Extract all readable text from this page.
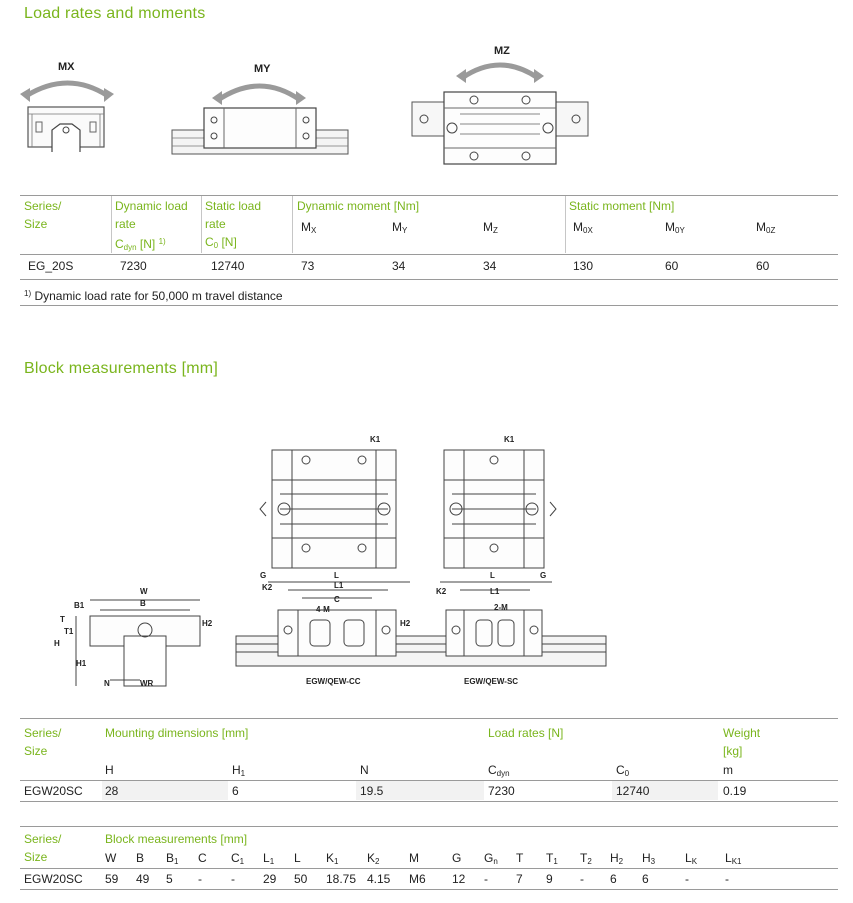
Load rates and moments
MX	MY
MZ
Series/
Size
Dynamic load
rate
$C_{dyn}$ [N] $^{1)}$
Static load
rate
$C_0$ [N]
Dynamic moment [Nm]	Static moment [Nm]
$M_X$	$M_Y$	$M_Z$	$M_{0X}$	$M_{0Y}$	$M_{0Z}$
EG_20S	7230	12740	73	34	34	130	60	60
$^{1)}$ Dynamic load rate for 50,000 m travel distance
Block measurements [mm]
W
B
B1
H
H1
H2
T
T1
N	WR
L
L1
C
G
K2
K1
4-M
H2
L
L1
G
K2
K1
2-M
EGW/QEW-CC	EGW/QEW-SC
Series/
Size
Mounting dimensions [mm]	Load rates [N]	Weight
[kg]
H	$H_1$	N	$C_{dyn}$	$C_0$	m
EGW20SC 28	6	19.5	7230	12740	0.19
Series/
Size
Block measurements [mm]
W B $B_1$ C $C_1$ $L_1$ L $K_1$ $K_2$ M	G $G_n$ T $T_1$ $T_2$ $H_2$ $H_3$ $L_K$ $L_{K1}$
EGW20SC 59 49 5 - - 29 50 18.75 4.15 M6 12 - 7 9 - 6 6	-	-
